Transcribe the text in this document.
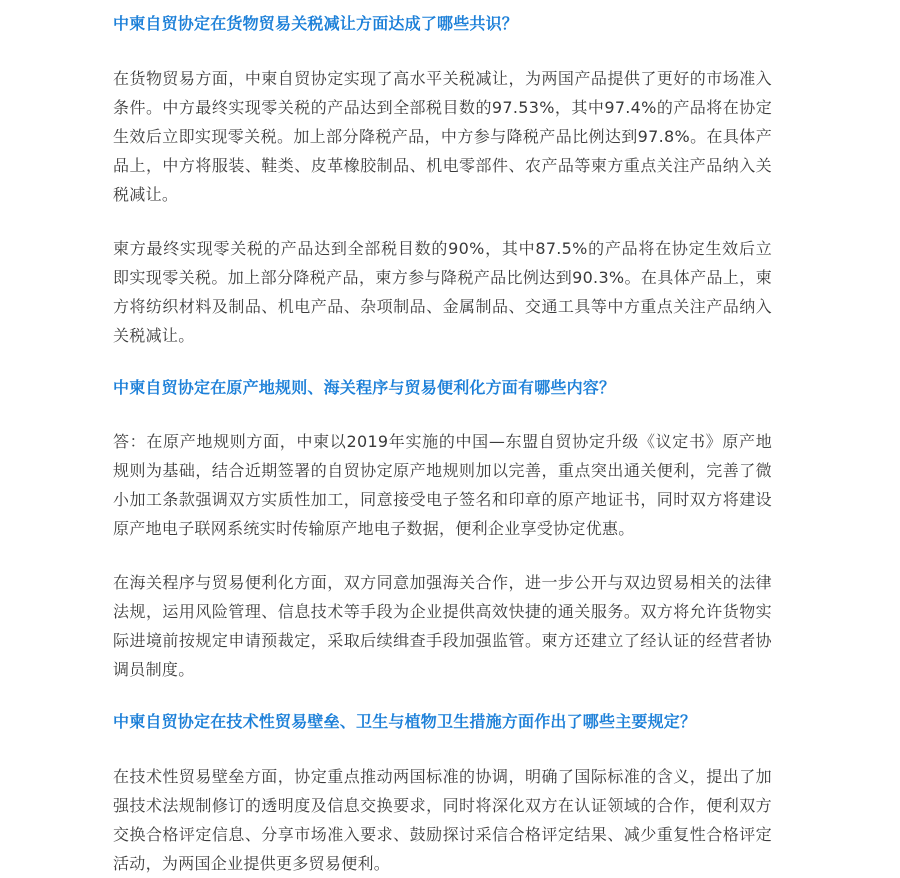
中柬自贸协定在货物贸易关税减让方面达成了哪些共识？

在货物贸易方面，中柬自贸协定实现了高水平关税减让，为两国产品提供了更好的市场准入条件。中方最终实现零关税的产品达到全部税目数的97.53%，其中97.4%的产品将在协定生效后立即实现零关税。加上部分降税产品，中方参与降税产品比例达到97.8%。在具体产品上，中方将服装、鞋类、皮革橡胶制品、机电零部件、农产品等柬方重点关注产品纳入关税减让。

柬方最终实现零关税的产品达到全部税目数的90%，其中87.5%的产品将在协定生效后立即实现零关税。加上部分降税产品，柬方参与降税产品比例达到90.3%。在具体产品上，柬方将纺织材料及制品、机电产品、杂项制品、金属制品、交通工具等中方重点关注产品纳入关税减让。

中柬自贸协定在原产地规则、海关程序与贸易便利化方面有哪些内容？

答：在原产地规则方面，中柬以2019年实施的中国—东盟自贸协定升级《议定书》原产地规则为基础，结合近期签署的自贸协定原产地规则加以完善，重点突出通关便利，完善了微小加工条款强调双方实质性加工，同意接受电子签名和印章的原产地证书，同时双方将建设原产地电子联网系统实时传输原产地电子数据，便利企业享受协定优惠。

在海关程序与贸易便利化方面，双方同意加强海关合作，进一步公开与双边贸易相关的法律法规，运用风险管理、信息技术等手段为企业提供高效快捷的通关服务。双方将允许货物实际进境前按规定申请预裁定，采取后续缉查手段加强监管。柬方还建立了经认证的经营者协调员制度。

中柬自贸协定在技术性贸易壁垒、卫生与植物卫生措施方面作出了哪些主要规定？

在技术性贸易壁垒方面，协定重点推动两国标准的协调，明确了国际标准的含义，提出了加强技术法规制修订的透明度及信息交换要求，同时将深化双方在认证领域的合作，便利双方交换合格评定信息、分享市场准入要求、鼓励探讨采信合格评定结果、减少重复性合格评定活动，为两国企业提供更多贸易便利。
